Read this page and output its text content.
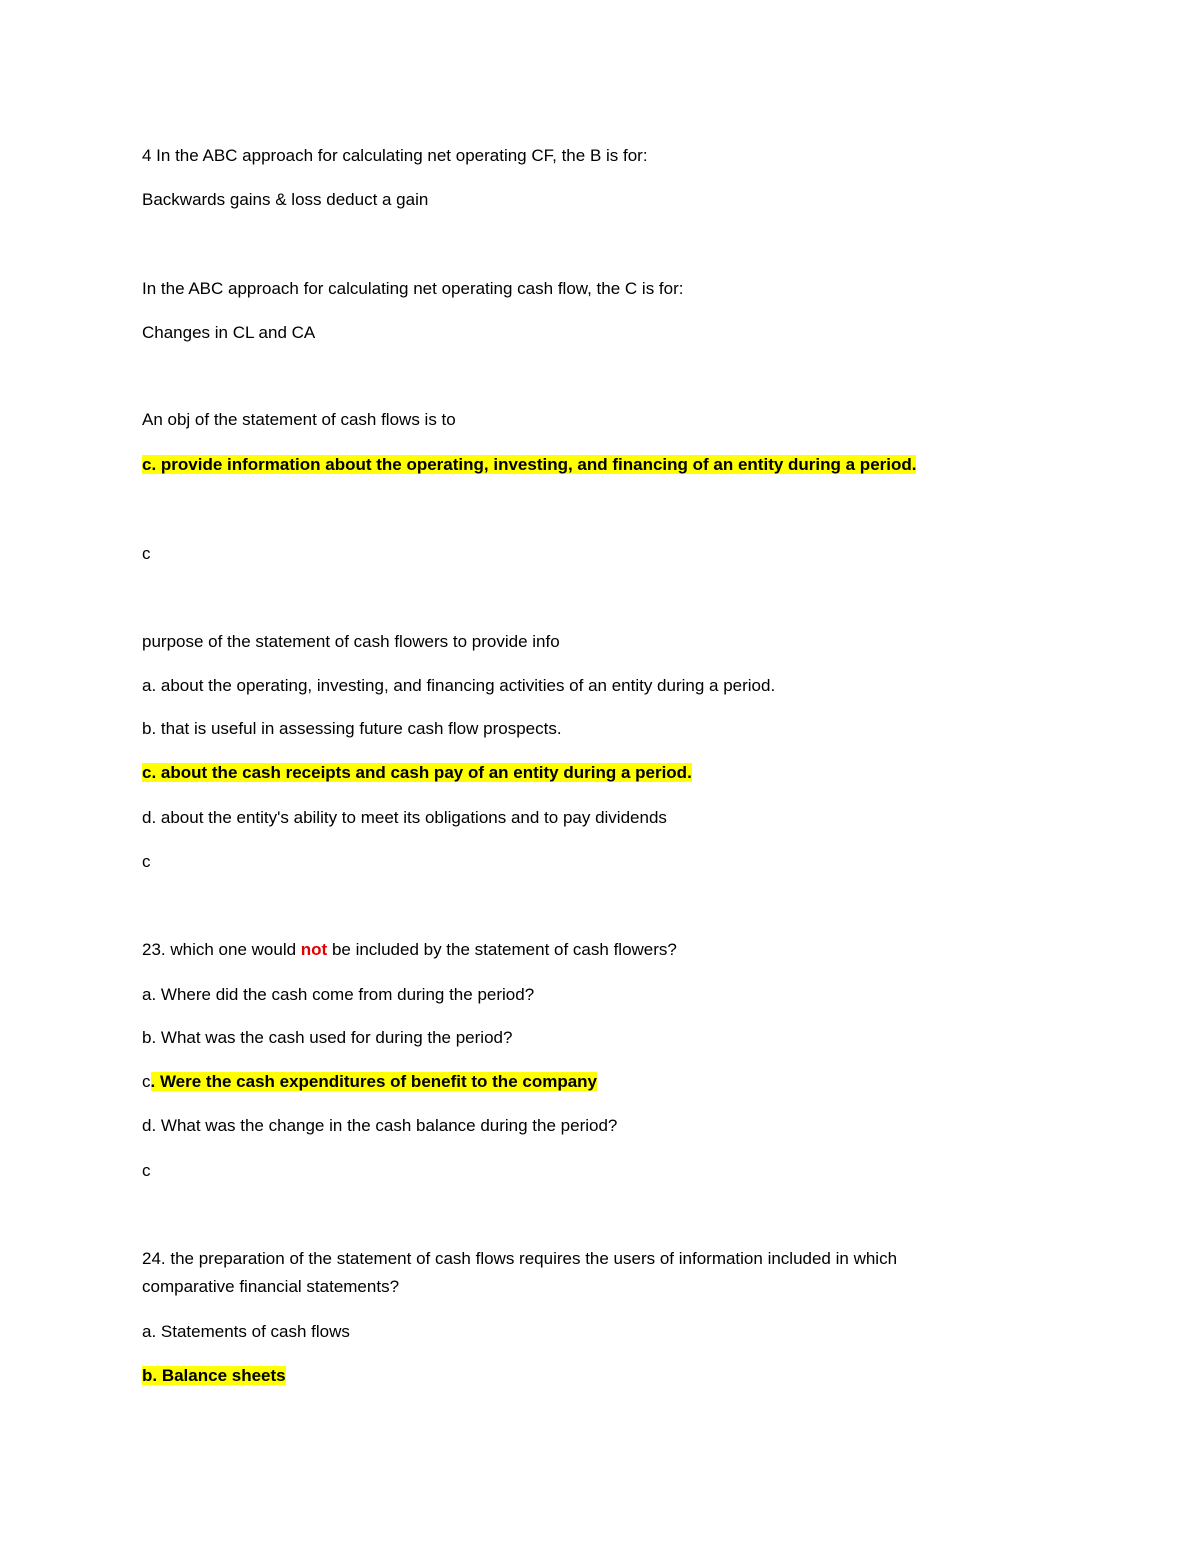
4 In the ABC approach for calculating net operating CF, the B is for:
Backwards gains & loss deduct a gain
In the ABC approach for calculating net operating cash flow, the C is for:
Changes in CL and CA
An obj of the statement of cash flows is to
c. provide information about the operating, investing, and financing of an entity during a period.
c
purpose of the statement of cash flowers to provide info
a. about the operating, investing, and financing activities of an entity during a period.
b. that is useful in assessing future cash flow prospects.
c. about the cash receipts and cash pay of an entity during a period.
d. about the entity's ability to meet its obligations and to pay dividends
c
23. which one would not be included by the statement of cash flowers?
a. Where did the cash come from during the period?
b. What was the cash used for during the period?
c. Were the cash expenditures of benefit to the company
d. What was the change in the cash balance during the period?
c
24. the preparation of the statement of cash flows requires the users of information included in which
comparative financial statements?
a. Statements of cash flows
b. Balance sheets
